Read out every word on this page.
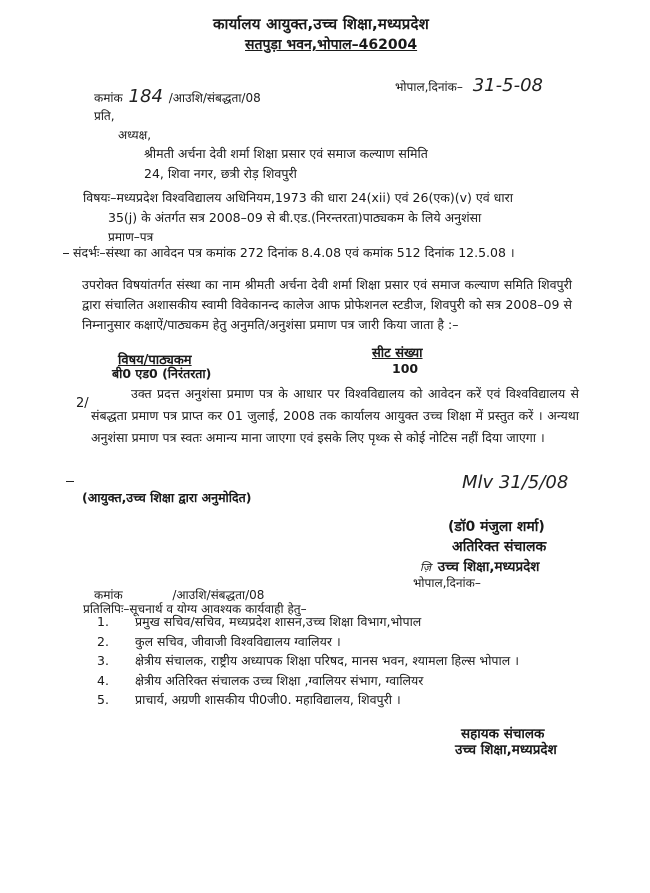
कार्यालय आयुक्त,उच्च शिक्षा,मध्यप्रदेश
सतपुड़ा भवन,भोपाल–462004
कमांक 184 /आउशि/संबद्धता/08
भोपाल,दिनांक– 31-5-08
प्रति,
अध्यक्ष,
श्रीमती अर्चना देवी शर्मा शिक्षा प्रसार एवं समाज कल्याण समिति
24, शिवा नगर, छत्री रोड़ शिवपुरी
विषयः–मध्यप्रदेश विश्वविद्यालय अधिनियम,1973 की धारा 24(xii) एवं 26(एक)(v) एवं धारा
35(j) के अंतर्गत सत्र 2008–09 से बी.एड.(निरन्तरता)पाठ्यकम के लिये अनुशंसा
प्रमाण–पत्र
संदर्भः–संस्था का आवेदन पत्र कमांक 272 दिनांक 8.4.08 एवं कमांक 512 दिनांक 12.5.08 ।
उपरोक्त विषयांतर्गत संस्था का नाम श्रीमती अर्चना देवी शर्मा शिक्षा प्रसार एवं समाज कल्याण समिति शिवपुरी द्वारा संचालित अशासकीय स्वामी विवेकानन्द कालेज आफ प्रोफेशनल स्टडीज, शिवपुरी को सत्र 2008–09 से निम्नानुसार कक्षाऐं/पाठ्यकम हेतु अनुमति/अनुशंसा प्रमाण पत्र जारी किया जाता है :–
विषय/पाठ्यकम	सीट संख्या
बी0 एड0 (निरंतरता)	100
2/
उक्त प्रदत्त अनुशंसा प्रमाण पत्र के आधार पर विश्वविद्यालय को आवेदन करें एवं विश्वविद्यालय से संबद्धता प्रमाण पत्र प्राप्त कर 01 जुलाई, 2008 तक कार्यालय आयुक्त उच्च शिक्षा में प्रस्तुत करें । अन्यथा अनुशंसा प्रमाण पत्र स्वतः अमान्य माना जाएगा एवं इसके लिए पृथ्क से कोई नोटिस नहीं दिया जाएगा ।
(आयुक्त,उच्च शिक्षा द्वारा अनुमोदित)
Mlv 31/5/08
(डॉ0 मंजुला शर्मा)
अतिरिक्त संचालक
ज़ि उच्च शिक्षा,मध्यप्रदेश
भोपाल,दिनांक–
कमांक	/आउशि/संबद्धता/08
प्रतिलिपिः–सूचनार्थ व योग्य आवश्यक कार्यवाही हेतु–
1. प्रमुख सचिव/सचिव, मध्यप्रदेश शासन,उच्च शिक्षा विभाग,भोपाल
2. कुल सचिव, जीवाजी विश्वविद्यालय ग्वालियर ।
3. क्षेत्रीय संचालक, राष्ट्रीय अध्यापक शिक्षा परिषद, मानस भवन, श्यामला हिल्स भोपाल ।
4. क्षेत्रीय अतिरिक्त संचालक उच्च शिक्षा ,ग्वालियर संभाग, ग्वालियर
5. प्राचार्य, अग्रणी शासकीय पी0जी0. महाविद्यालय, शिवपुरी ।
सहायक संचालक
उच्च शिक्षा,मध्यप्रदेश
